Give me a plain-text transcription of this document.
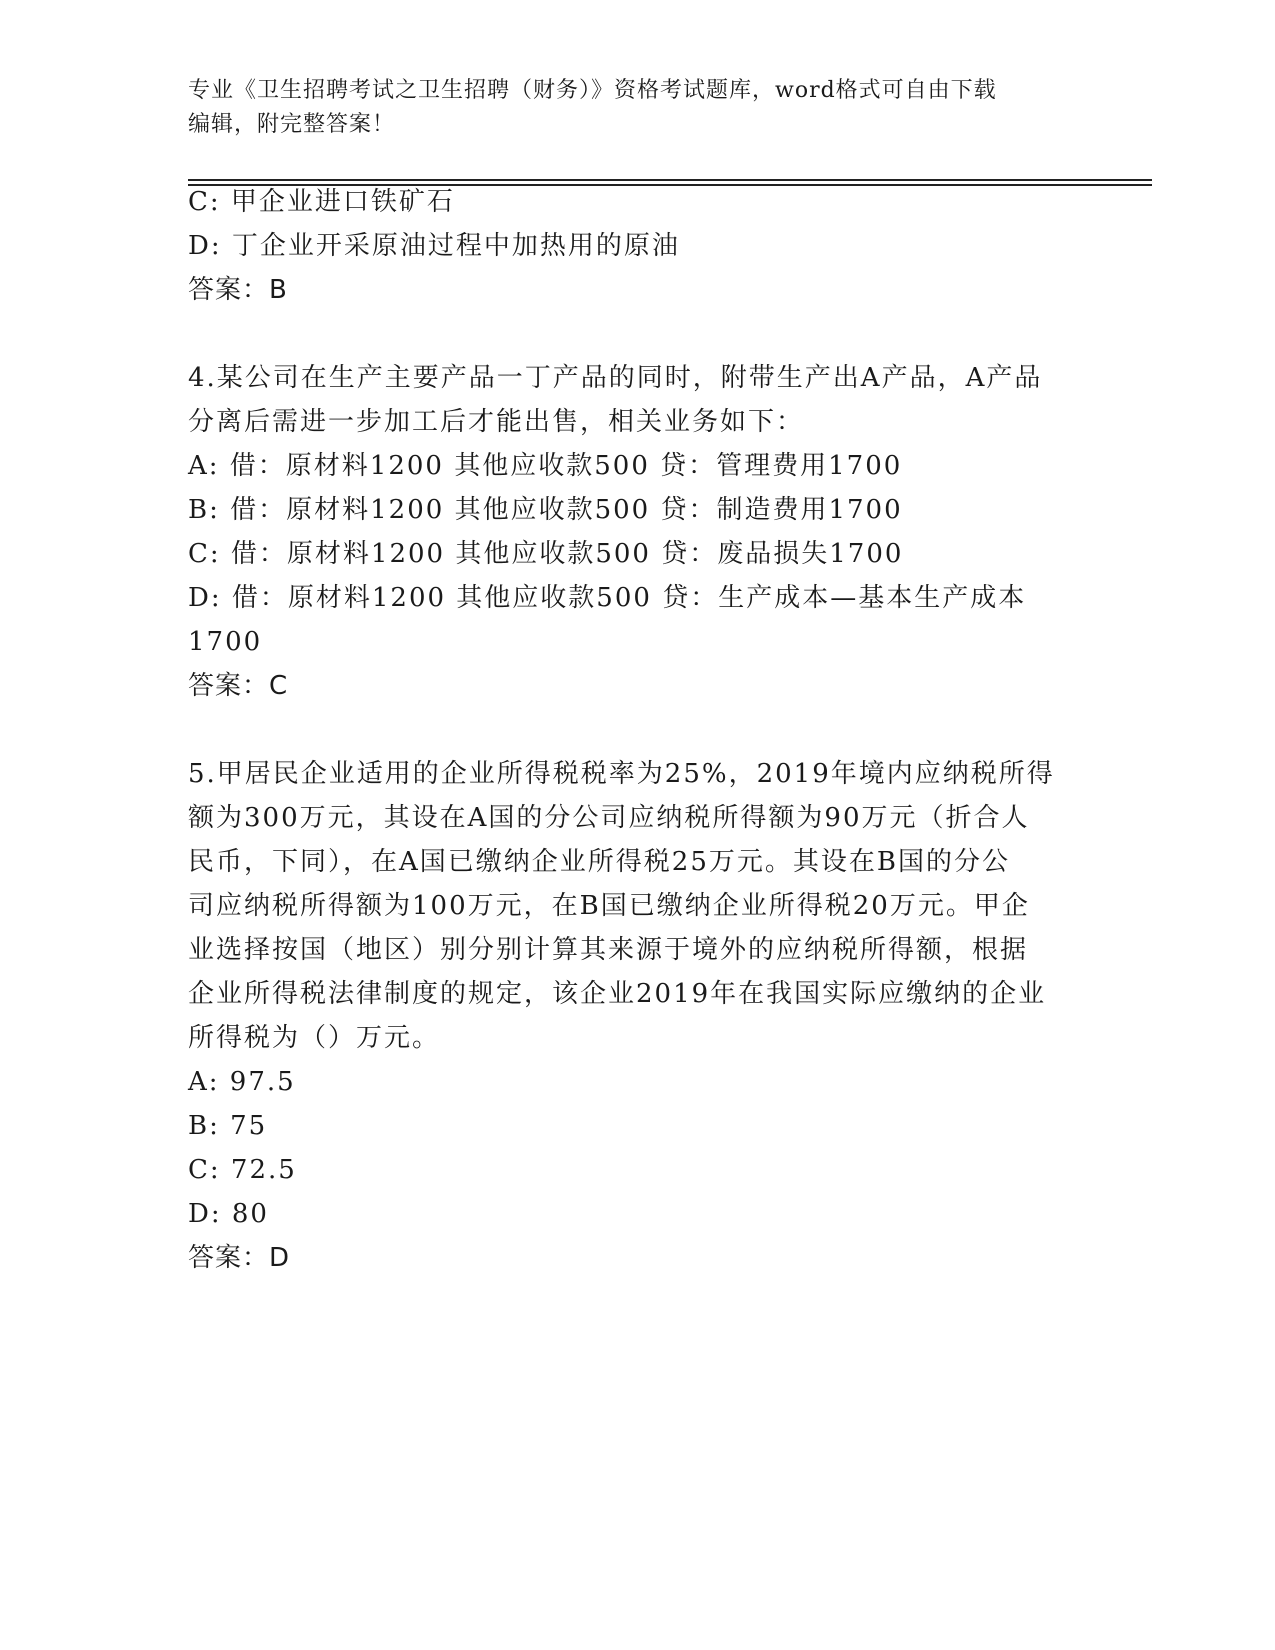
专业《卫生招聘考试之卫生招聘（财务）》资格考试题库，word格式可自由下载
编辑，附完整答案！
C: 甲企业进口铁矿石
D: 丁企业开采原油过程中加热用的原油
答案：B
4.某公司在生产主要产品一丁产品的同时，附带生产出A产品，A产品
分离后需进一步加工后才能出售，相关业务如下：
A: 借：原材料1200 其他应收款500 贷：管理费用1700
B: 借：原材料1200 其他应收款500 贷：制造费用1700
C: 借：原材料1200 其他应收款500 贷：废品损失1700
D: 借：原材料1200 其他应收款500 贷：生产成本—基本生产成本
1700
答案：C
5.甲居民企业适用的企业所得税税率为25%，2019年境内应纳税所得
额为300万元，其设在A国的分公司应纳税所得额为90万元（折合人
民币，下同），在A国已缴纳企业所得税25万元。其设在B国的分公
司应纳税所得额为100万元，在B国已缴纳企业所得税20万元。甲企
业选择按国（地区）别分别计算其来源于境外的应纳税所得额，根据
企业所得税法律制度的规定，该企业2019年在我国实际应缴纳的企业
所得税为（）万元。
A: 97.5
B: 75
C: 72.5
D: 80
答案：D
